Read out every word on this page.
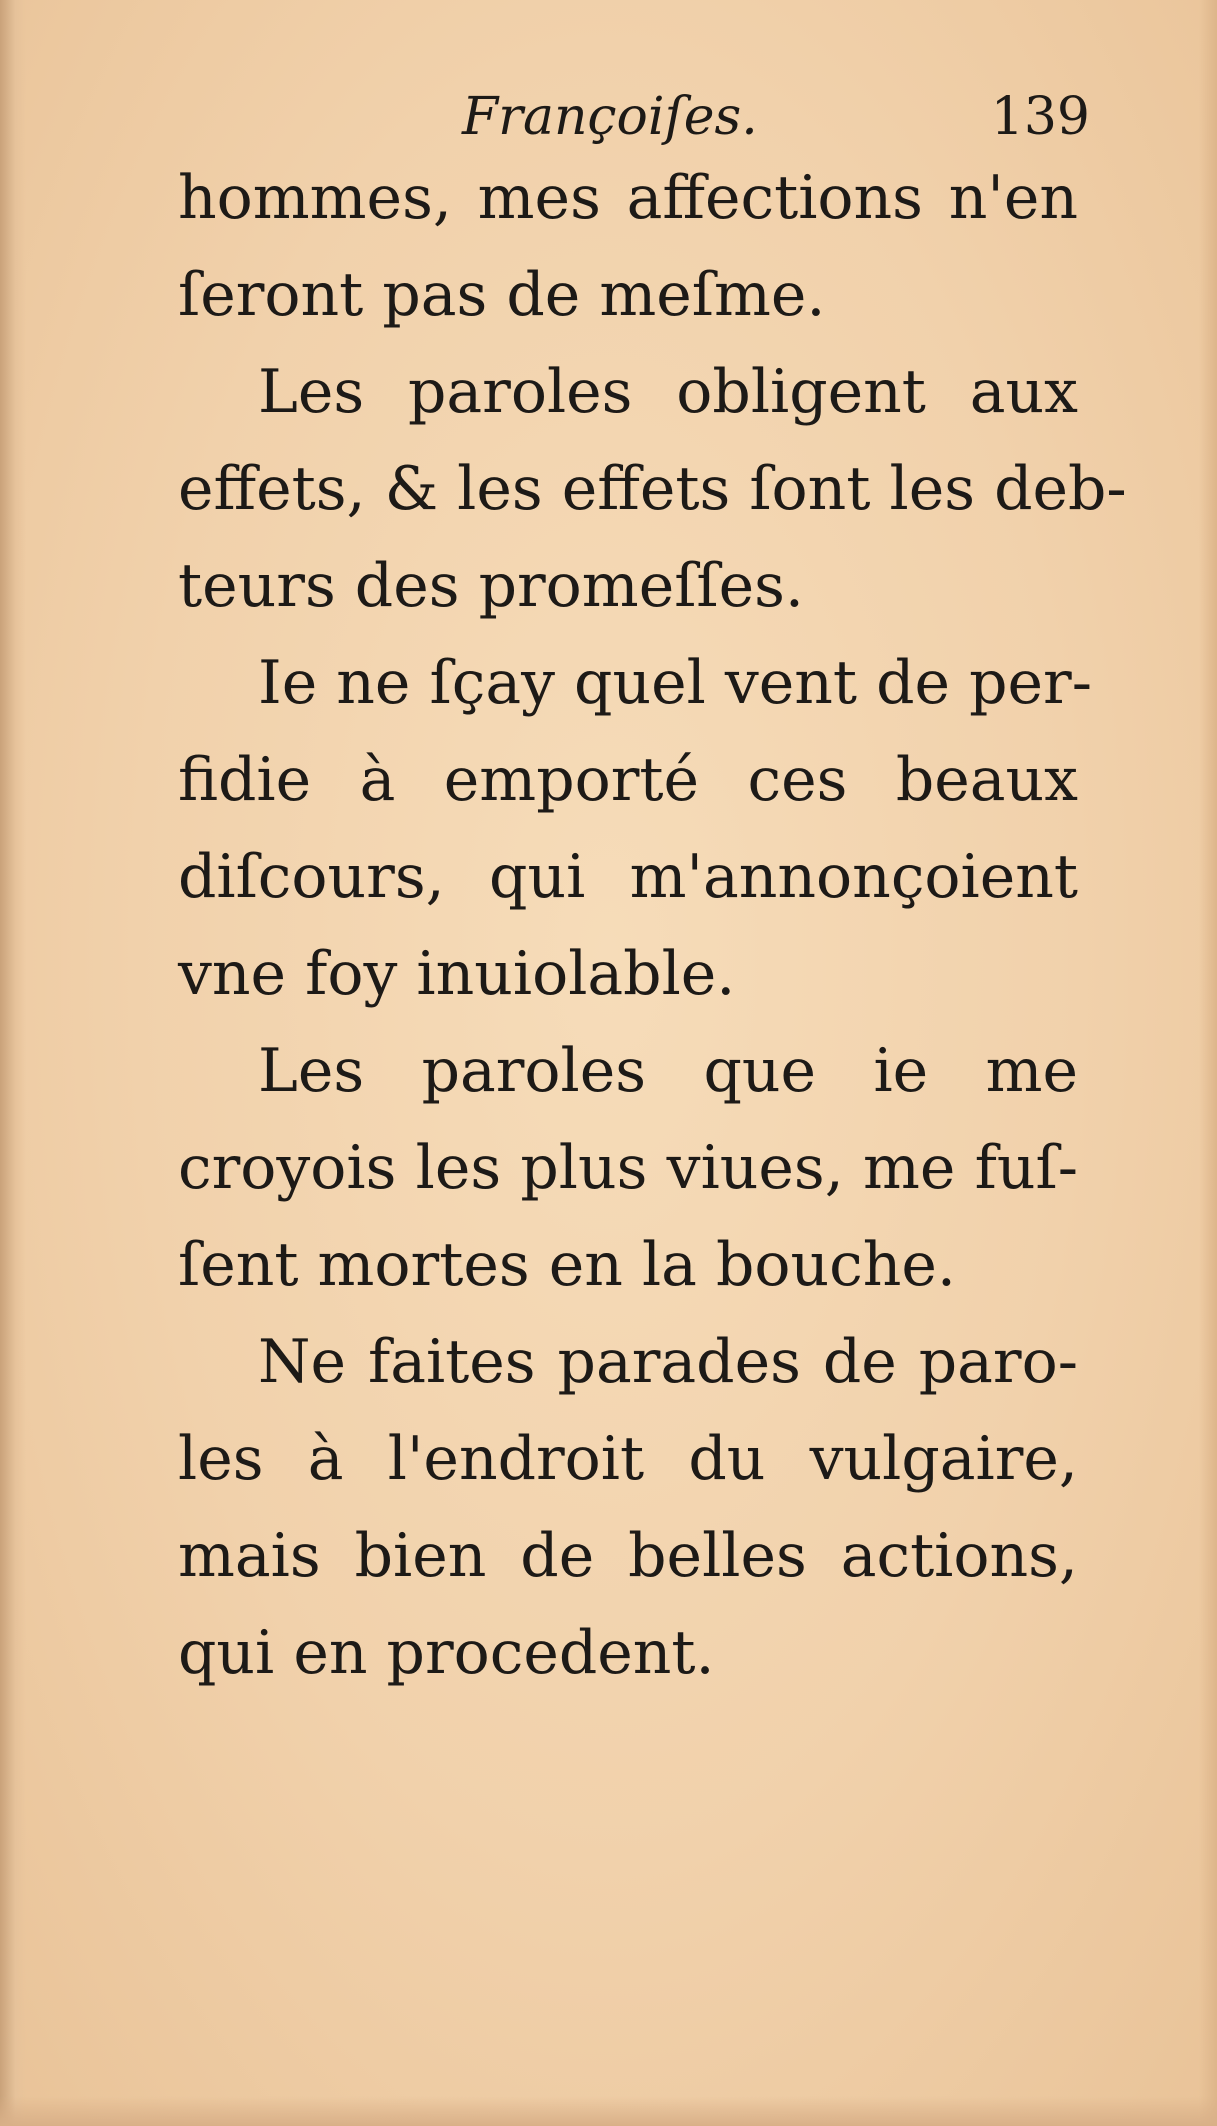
Françoiſes.	139
hommes, mes affections n'en
ſeront pas de meſme.
Les paroles obligent aux
effets, & les effets ſont les deb-
teurs des promeſſes.
Ie ne ſçay quel vent de per-
fidie à emporté ces beaux
diſcours, qui m'annonçoient
vne foy inuiolable.
Les paroles que ie me
croyois les plus viues, me fuſ-
ſent mortes en la bouche.
Ne faites parades de paro-
les à l'endroit du vulgaire,
mais bien de belles actions,
qui en procedent.
